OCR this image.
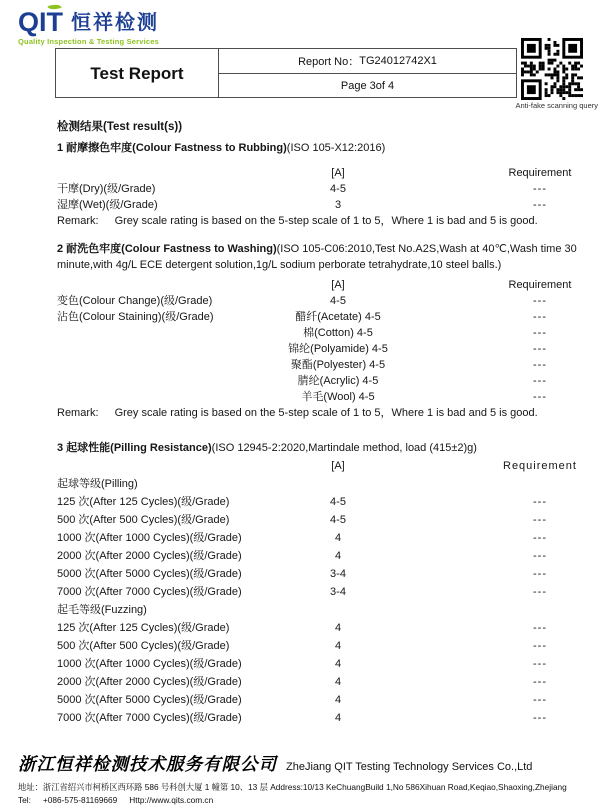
QIT 恒祥检测
Quality Inspection & Testing Services
Test Report
Report No： TG24012742X1
Page 3of 4
Anti-fake scanning query
检测结果(Test result(s))
1 耐摩擦色牢度(Colour Fastness to Rubbing)(ISO 105-X12:2016)
[A]	Requirement
干摩(Dry)(级/Grade)	4-5	---
湿摩(Wet)(级/Grade)	3	---
Remark: Grey scale rating is based on the 5-step scale of 1 to 5，Where 1 is bad and 5 is good.
2 耐洗色牢度(Colour Fastness to Washing)(ISO 105-C06:2010,Test No.A2S,Wash at 40℃,Wash time 30 minute,with 4g/L ECE detergent solution,1g/L sodium perborate tetrahydrate,10 steel balls.)
[A]	Requirement
变色(Colour Change)(级/Grade)	4-5	---
沾色(Colour Staining)(级/Grade)	醋纤(Acetate) 4-5	---
棉(Cotton) 4-5	---
锦纶(Polyamide) 4-5	---
聚酯(Polyester) 4-5	---
腈纶(Acrylic) 4-5	---
羊毛(Wool) 4-5	---
Remark: Grey scale rating is based on the 5-step scale of 1 to 5，Where 1 is bad and 5 is good.
3 起球性能(Pilling Resistance)(ISO 12945-2:2020,Martindale method, load (415±2)g)
[A]	Requirement
起球等级(Pilling)
125 次(After 125 Cycles)(级/Grade)	4-5	---
500 次(After 500 Cycles)(级/Grade)	4-5	---
1000 次(After 1000 Cycles)(级/Grade)	4	---
2000 次(After 2000 Cycles)(级/Grade)	4	---
5000 次(After 5000 Cycles)(级/Grade)	3-4	---
7000 次(After 7000 Cycles)(级/Grade)	3-4	---
起毛等级(Fuzzing)
125 次(After 125 Cycles)(级/Grade)	4	---
500 次(After 500 Cycles)(级/Grade)	4	---
1000 次(After 1000 Cycles)(级/Grade)	4	---
2000 次(After 2000 Cycles)(级/Grade)	4	---
5000 次(After 5000 Cycles)(级/Grade)	4	---
7000 次(After 7000 Cycles)(级/Grade)	4	---
浙江恒祥检测技术服务有限公司 ZheJiang QIT Testing Technology Services Co.,Ltd
地址：浙江省绍兴市柯桥区西环路 586 号科创大厦 1 幢第 10、13 层 Address:10/13 KeChuangBuild 1,No 586Xihuan Road,Keqiao,Shaoxing,Zhejiang
Tel: +086-575-81169669 Http://www.qits.com.cn
